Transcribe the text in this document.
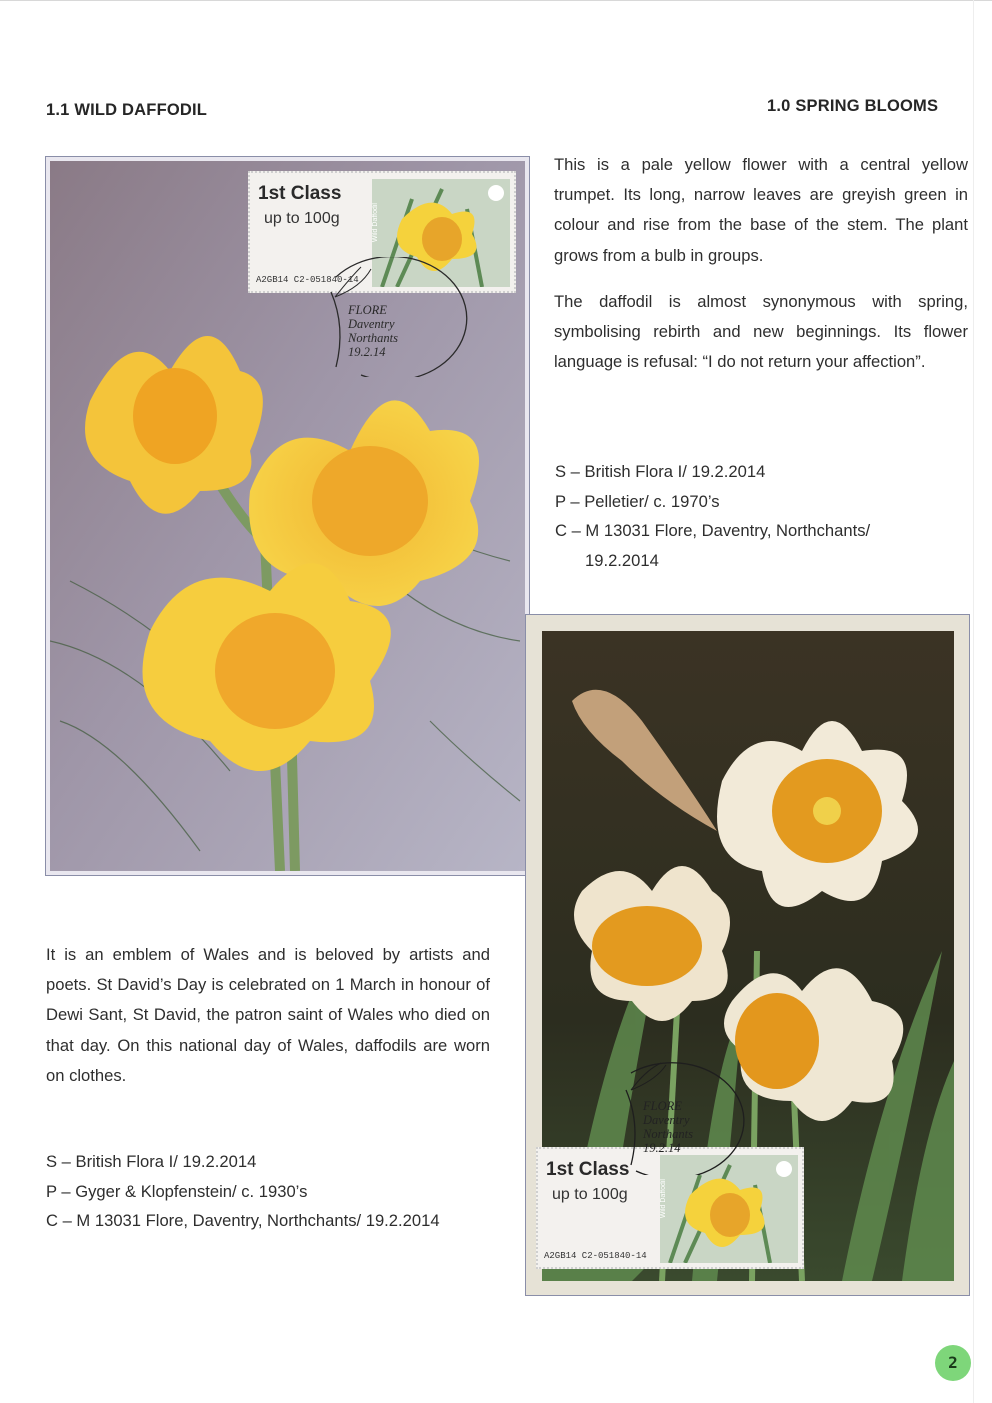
1.1 WILD DAFFODIL	1.0 SPRING BLOOMS
This is a pale yellow flower with a central yellow trumpet. Its long, narrow leaves are greyish green in colour and rise from the base of the stem. The plant grows from a bulb in groups.
The daffodil is almost synonymous with spring, symbolising rebirth and new beginnings. Its flower language is refusal: “I do not return your affection”.
S – British Flora I/ 19.2.2014
P – Pelletier/ c. 1970’s
C – M 13031 Flore, Daventry, Northchants/
19.2.2014
1st Class
up to 100g
A2GB14 C2-051840-14
Wild Daffodil
FLORE
Daventry
Northants
19.2.14
1st Class
up to 100g
A2GB14 C2-051840-14
Wild Daffodil
FLORE
Daventry
Northants
19.2.14
It is an emblem of Wales and is beloved by artists and poets. St David’s Day is celebrated on 1 March in honour of Dewi Sant, St David, the patron saint of Wales who died on that day. On this national day of Wales, daffodils are worn on clothes.
S – British Flora I/ 19.2.2014
P – Gyger & Klopfenstein/ c. 1930’s
C – M 13031 Flore, Daventry, Northchants/ 19.2.2014
2
